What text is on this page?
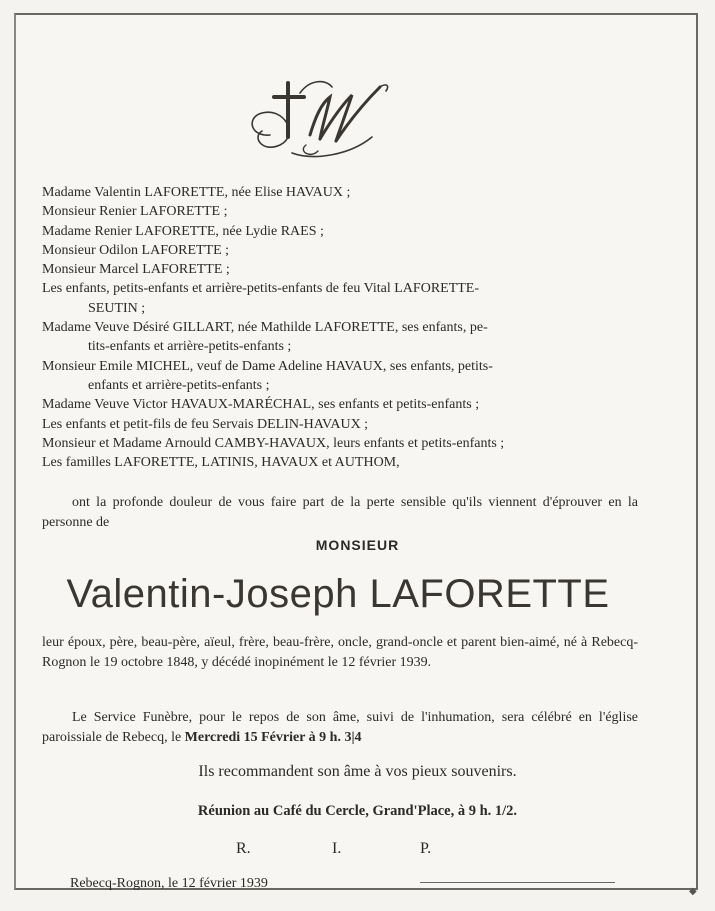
Madame Valentin LAFORETTE, née Elise HAVAUX ;
Monsieur Renier LAFORETTE ;
Madame Renier LAFORETTE, née Lydie RAES ;
Monsieur Odilon LAFORETTE ;
Monsieur Marcel LAFORETTE ;
Les enfants, petits-enfants et arrière-petits-enfants de feu Vital LAFORETTE-
SEUTIN ;
Madame Veuve Désiré GILLART, née Mathilde LAFORETTE, ses enfants, pe-
tits-enfants et arrière-petits-enfants ;
Monsieur Emile MICHEL, veuf de Dame Adeline HAVAUX, ses enfants, petits-
enfants et arrière-petits-enfants ;
Madame Veuve Victor HAVAUX-MARÉCHAL, ses enfants et petits-enfants ;
Les enfants et petit-fils de feu Servais DELIN-HAVAUX ;
Monsieur et Madame Arnould CAMBY-HAVAUX, leurs enfants et petits-enfants ;
Les familles LAFORETTE, LATINIS, HAVAUX et AUTHOM,
ont la profonde douleur de vous faire part de la perte sensible qu'ils viennent d'éprouver en la personne de
MONSIEUR
Valentin-Joseph LAFORETTE
leur époux, père, beau-père, aïeul, frère, beau-frère, oncle, grand-oncle et parent bien-aimé, né à Rebecq-Rognon le 19 octobre 1848, y décédé inopinément le 12 février 1939.
Le Service Funèbre, pour le repos de son âme, suivi de l'inhumation, sera célébré en l'église paroissiale de Rebecq, le Mercredi 15 Février à 9 h. 3|4
Ils recommandent son âme à vos pieux souvenirs.
Réunion au Café du Cercle, Grand'Place, à 9 h. 1/2.
R.	I.	P.
Rebecq-Rognon, le 12 février 1939
◆
